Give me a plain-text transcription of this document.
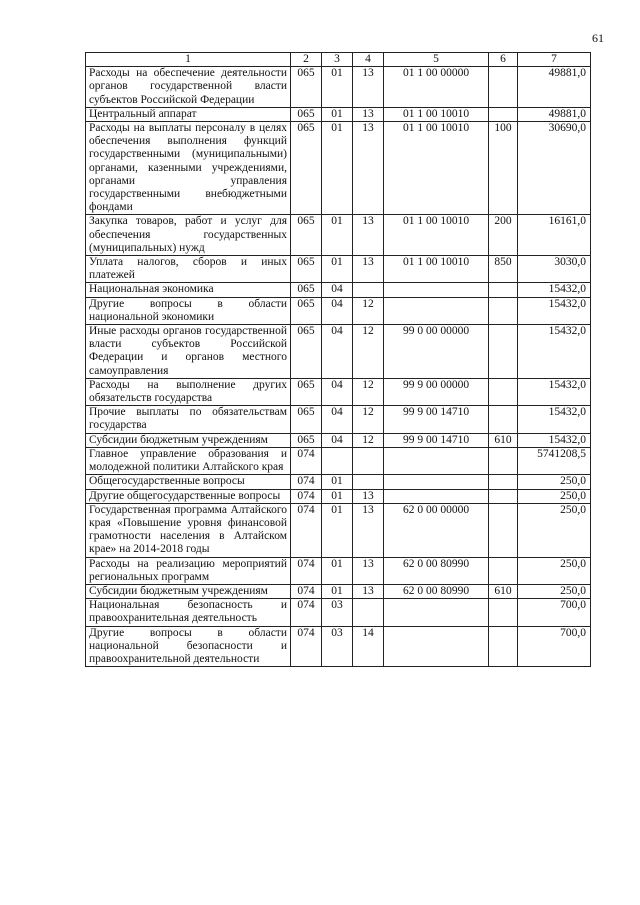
61
1	2	3	4	5	6	7
Расходы на обеспечение деятельности органов государственной власти субъектов Российской Федерации	065	01	13	01 1 00 00000		49881,0
Центральный аппарат	065	01	13	01 1 00 10010		49881,0
Расходы на выплаты персоналу в целях обеспечения выполнения функций государственными (муниципальными) органами, казенными учреждениями, органами управления государственными внебюджетными фондами	065	01	13	01 1 00 10010	100	30690,0
Закупка товаров, работ и услуг для обеспечения государственных (муниципальных) нужд	065	01	13	01 1 00 10010	200	16161,0
Уплата налогов, сборов и иных платежей	065	01	13	01 1 00 10010	850	3030,0
Национальная экономика	065	04				15432,0
Другие вопросы в области национальной экономики	065	04	12			15432,0
Иные расходы органов государственной власти субъектов Российской Федерации и органов местного самоуправления	065	04	12	99 0 00 00000		15432,0
Расходы на выполнение других обязательств государства	065	04	12	99 9 00 00000		15432,0
Прочие выплаты по обязательствам государства	065	04	12	99 9 00 14710		15432,0
Субсидии бюджетным учреждениям	065	04	12	99 9 00 14710	610	15432,0
Главное управление образования и молодежной политики Алтайского края	074					5741208,5
Общегосударственные вопросы	074	01				250,0
Другие общегосударственные вопросы	074	01	13			250,0
Государственная программа Алтайского края «Повышение уровня финансовой грамотности населения в Алтайском крае» на 2014-2018 годы	074	01	13	62 0 00 00000		250,0
Расходы на реализацию мероприятий региональных программ	074	01	13	62 0 00 80990		250,0
Субсидии бюджетным учреждениям	074	01	13	62 0 00 80990	610	250,0
Национальная безопасность и правоохранительная деятельность	074	03				700,0
Другие вопросы в области национальной безопасности и правоохранительной деятельности	074	03	14			700,0
